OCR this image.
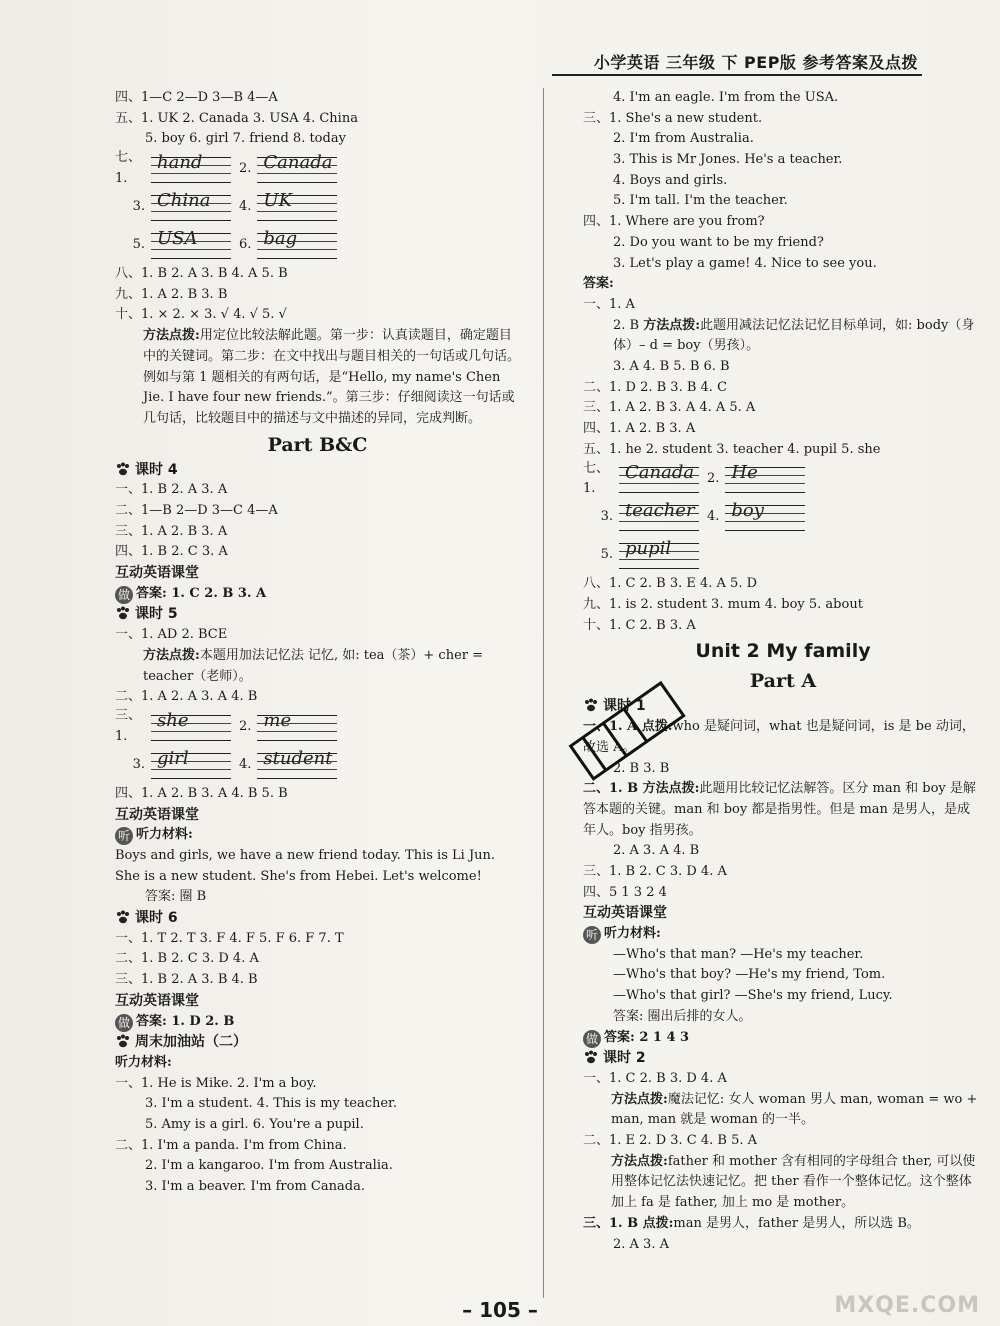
小学英语 三年级 下 PEP版 参考答案及点拨
四、1—C 2—D 3—B 4—A
五、1. UK 2. Canada 3. USA 4. China
5. boy 6. girl 7. friend 8. today
七、1.
hand	2. Canada
3. China 4. UK
5. USA	6. bag
八、1. B 2. A 3. B 4. A 5. B
九、1. A 2. B 3. B
十、1. × 2. × 3. √ 4. √ 5. √
方法点拨:用定位比较法解此题。第一步：认真读题目，确定题目中的关键词。第二步：在文中找出与题目相关的一句话或几句话。例如与第 1 题相关的有两句话，是“Hello, my name's Chen Jie. I have four new friends.”。第三步：仔细阅读这一句话或几句话，比较题目中的描述与文中描述的异同，完成判断。
Part B&C
课时 4
一、1. B 2. A 3. A
二、1—B 2—D 3—C 4—A
三、1. A 2. B 3. A
四、1. B 2. C 3. A
互动英语课堂
做 答案: 1. C 2. B 3. A
课时 5
一、1. AD 2. BCE
方法点拨:本题用加法记忆法 记忆, 如: tea（茶）+ cher = teacher（老师）。
二、1. A 2. A 3. A 4. B
三、1.
she	2. me
3. girl	4. student
四、1. A 2. B 3. A 4. B 5. B
互动英语课堂
听 听力材料:
Boys and girls, we have a new friend today. This is Li Jun. She is a new student. She's from Hebei. Let's welcome!
答案: 圈 B
课时 6
一、1. T 2. T 3. F 4. F 5. F 6. F 7. T
二、1. B 2. C 3. D 4. A
三、1. B 2. A 3. B 4. B
互动英语课堂
做 答案: 1. D 2. B
周末加油站（二）
听力材料:
一、1. He is Mike. 2. I'm a boy.
3. I'm a student. 4. This is my teacher.
5. Amy is a girl. 6. You're a pupil.
二、1. I'm a panda. I'm from China.
2. I'm a kangaroo. I'm from Australia.
3. I'm a beaver. I'm from Canada.
4. I'm an eagle. I'm from the USA.
三、1. She's a new student.
2. I'm from Australia.
3. This is Mr Jones. He's a teacher.
4. Boys and girls.
5. I'm tall. I'm the teacher.
四、1. Where are you from?
2. Do you want to be my friend?
3. Let's play a game! 4. Nice to see you.
答案:
一、1. A
2. B 方法点拨:此题用减法记忆法记忆目标单词，如: body（身体）– d = boy（男孩）。
3. A 4. B 5. B 6. B
二、1. D 2. B 3. B 4. C
三、1. A 2. B 3. A 4. A 5. A
四、1. A 2. B 3. A
五、1. he 2. student 3. teacher 4. pupil 5. she
七、1.
Canada 2. He
3. teacher 4. boy
5. pupil
八、1. C 2. B 3. E 4. A 5. D
九、1. is 2. student 3. mum 4. boy 5. about
十、1. C 2. B 3. A
Unit 2 My family
Part A
课时 1
一、1. A 点拨:who 是疑问词，what 也是疑问词，is 是 be 动词，故选 A。
2. B 3. B
二、1. B 方法点拨:此题用比较记忆法解答。区分 man 和 boy 是解答本题的关键。man 和 boy 都是指男性。但是 man 是男人，是成年人。boy 指男孩。
2. A 3. A 4. B
三、1. B 2. C 3. D 4. A
四、5 1 3 2 4
互动英语课堂
听 听力材料:
—Who's that man? —He's my teacher.
—Who's that boy? —He's my friend, Tom.
—Who's that girl? —She's my friend, Lucy.
答案: 圈出后排的女人。
做 答案: 2 1 4 3
课时 2
一、1. C 2. B 3. D 4. A
方法点拨:魔法记忆: 女人 woman 男人 man, woman = wo + man, man 就是 woman 的一半。
二、1. E 2. D 3. C 4. B 5. A
方法点拨:father 和 mother 含有相同的字母组合 ther, 可以使用整体记忆法快速记忆。把 ther 看作一个整体记忆。这个整体加上 fa 是 father, 加上 mo 是 mother。
三、1. B 点拨:man 是男人，father 是男人，所以选 B。
2. A 3. A
– 105 –	MXQE.COM
